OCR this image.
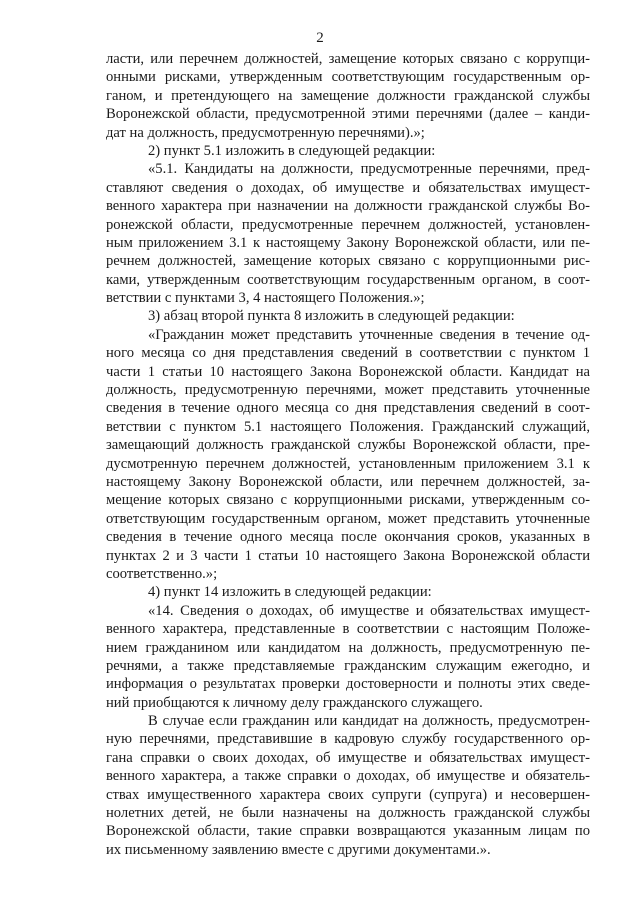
2
ласти, или перечнем должностей, замещение которых связано с коррупци-
онными рисками, утвержденным соответствующим государственным ор-
ганом, и претендующего на замещение должности гражданской службы
Воронежской области, предусмотренной этими перечнями (далее – канди-
дат на должность, предусмотренную перечнями).»;
2) пункт 5.1 изложить в следующей редакции:
«5.1. Кандидаты на должности, предусмотренные перечнями, пред-
ставляют сведения о доходах, об имуществе и обязательствах имущест-
венного характера при назначении на должности гражданской службы Во-
ронежской области, предусмотренные перечнем должностей, установлен-
ным приложением 3.1 к настоящему Закону Воронежской области, или пе-
речнем должностей, замещение которых связано с коррупционными рис-
ками, утвержденным соответствующим государственным органом, в соот-
ветствии с пунктами 3, 4 настоящего Положения.»;
3) абзац второй пункта 8 изложить в следующей редакции:
«Гражданин может представить уточненные сведения в течение од-
ного месяца со дня представления сведений в соответствии с пунктом 1
части 1 статьи 10 настоящего Закона Воронежской области. Кандидат на
должность, предусмотренную перечнями, может представить уточненные
сведения в течение одного месяца со дня представления сведений в соот-
ветствии с пунктом 5.1 настоящего Положения. Гражданский служащий,
замещающий должность гражданской службы Воронежской области, пре-
дусмотренную перечнем должностей, установленным приложением 3.1 к
настоящему Закону Воронежской области, или перечнем должностей, за-
мещение которых связано с коррупционными рисками, утвержденным со-
ответствующим государственным органом, может представить уточненные
сведения в течение одного месяца после окончания сроков, указанных в
пунктах 2 и 3 части 1 статьи 10 настоящего Закона Воронежской области
соответственно.»;
4) пункт 14 изложить в следующей редакции:
«14. Сведения о доходах, об имуществе и обязательствах имущест-
венного характера, представленные в соответствии с настоящим Положе-
нием гражданином или кандидатом на должность, предусмотренную пе-
речнями, а также представляемые гражданским служащим ежегодно, и
информация о результатах проверки достоверности и полноты этих сведе-
ний приобщаются к личному делу гражданского служащего.
В случае если гражданин или кандидат на должность, предусмотрен-
ную перечнями, представившие в кадровую службу государственного ор-
гана справки о своих доходах, об имуществе и обязательствах имущест-
венного характера, а также справки о доходах, об имуществе и обязатель-
ствах имущественного характера своих супруги (супруга) и несовершен-
нолетних детей, не были назначены на должность гражданской службы
Воронежской области, такие справки возвращаются указанным лицам по
их письменному заявлению вместе с другими документами.».
